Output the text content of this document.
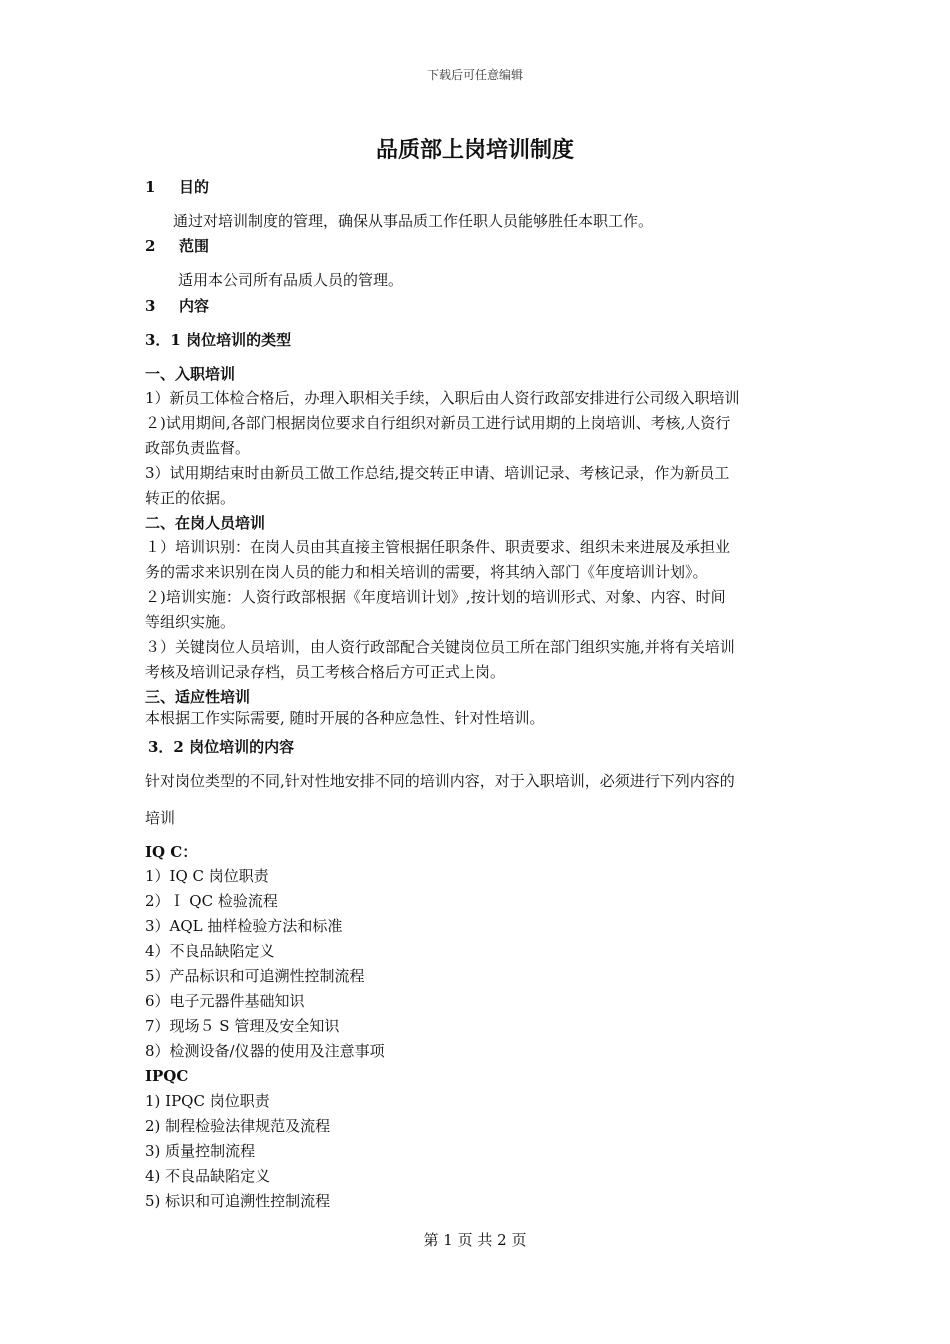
下载后可任意编辑
品质部上岗培训制度
1 目的
通过对培训制度的管理，确保从事品质工作任职人员能够胜任本职工作。
2 范围
适用本公司所有品质人员的管理。
3 内容
3．1 岗位培训的类型
一、入职培训
1）新员工体检合格后，办理入职相关手续，入职后由人资行政部安排进行公司级入职培训
２)试用期间,各部门根据岗位要求自行组织对新员工进行试用期的上岗培训、考核,人资行
政部负责监督。
3）试用期结束时由新员工做工作总结,提交转正申请、培训记录、考核记录，作为新员工
转正的依据。
二、在岗人员培训
１）培训识别：在岗人员由其直接主管根据任职条件、职责要求、组织未来进展及承担业
务的需求来识别在岗人员的能力和相关培训的需要，将其纳入部门《年度培训计划》。
２)培训实施：人资行政部根据《年度培训计划》,按计划的培训形式、对象、内容、时间
等组织实施。
３）关键岗位人员培训，由人资行政部配合关键岗位员工所在部门组织实施,并将有关培训
考核及培训记录存档，员工考核合格后方可正式上岗。
三、适应性培训
本根据工作实际需要, 随时开展的各种应急性、针对性培训。
3．2 岗位培训的内容
针对岗位类型的不同,针对性地安排不同的培训内容，对于入职培训，必须进行下列内容的
培训
IQ C：
1）IQ C 岗位职责
2）Ｉ QC 检验流程
3）AQL 抽样检验方法和标准
4）不良品缺陷定义
5）产品标识和可追溯性控制流程
6）电子元器件基础知识
7）现场５ S 管理及安全知识
8）检测设备/仪器的使用及注意事项
IPQC
1) IPQC 岗位职责
2) 制程检验法律规范及流程
3) 质量控制流程
4) 不良品缺陷定义
5) 标识和可追溯性控制流程
第 1 页 共 2 页
